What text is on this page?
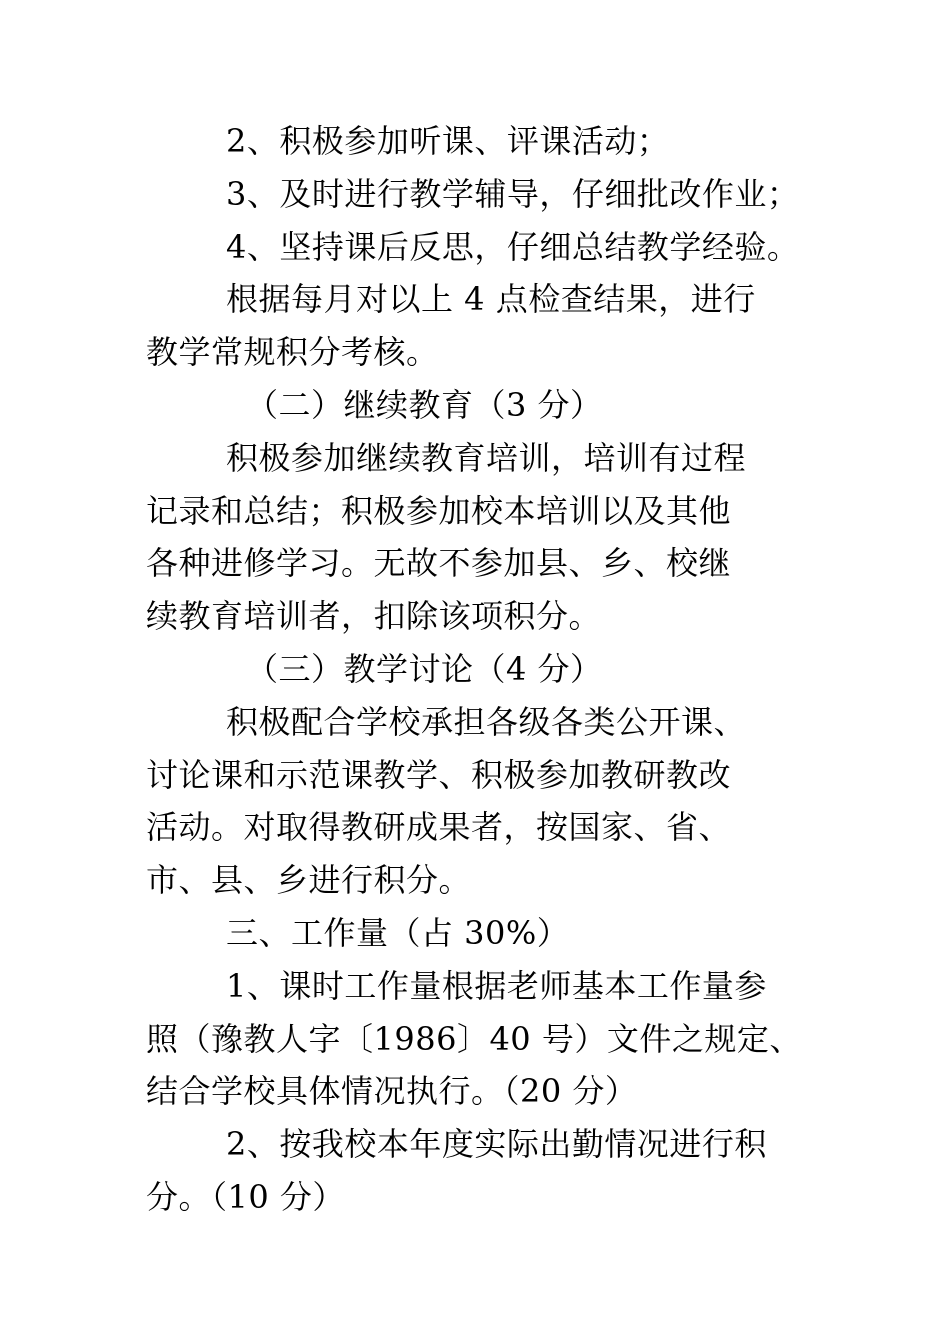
2、积极参加听课、评课活动；
3、及时进行教学辅导，仔细批改作业；
4、坚持课后反思，仔细总结教学经验。
根据每月对以上 4 点检查结果，进行
教学常规积分考核。
（二）继续教育（3 分）
积极参加继续教育培训，培训有过程
记录和总结；积极参加校本培训以及其他
各种进修学习。无故不参加县、乡、校继
续教育培训者，扣除该项积分。
（三）教学讨论（4 分）
积极配合学校承担各级各类公开课、
讨论课和示范课教学、积极参加教研教改
活动。对取得教研成果者，按国家、省、
市、县、乡进行积分。
三、工作量（占 30%）
1、课时工作量根据老师基本工作量参
照（豫教人字〔1986〕40 号）文件之规定、
结合学校具体情况执行。（20 分）
2、按我校本年度实际出勤情况进行积
分。（10 分）
